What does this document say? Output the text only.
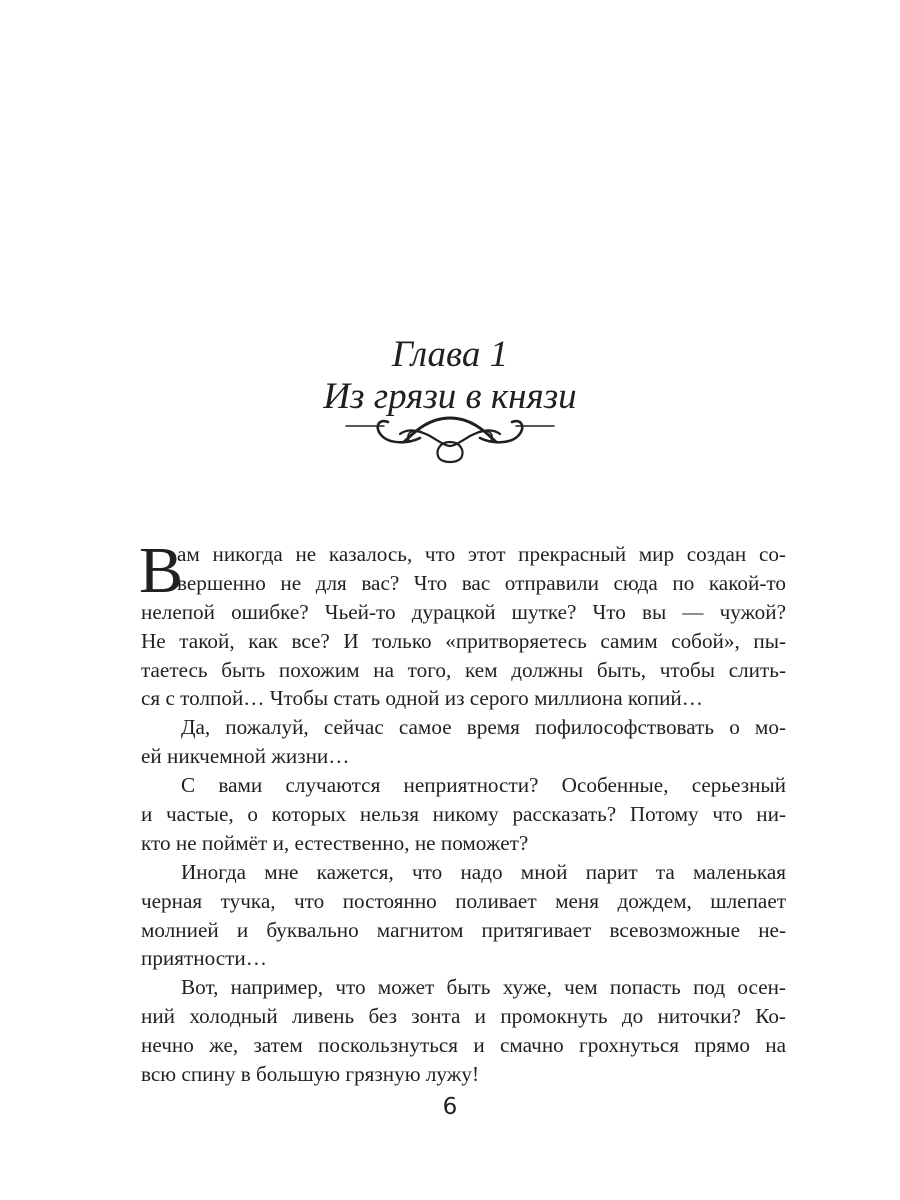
Глава 1
Из грязи в князи
В
ам никогда не казалось, что этот прекрасный мир создан со-
вершенно не для вас? Что вас отправили сюда по какой-то
нелепой ошибке? Чьей-то дурацкой шутке? Что вы — чужой?
Не такой, как все? И только «притворяетесь самим собой», пы-
таетесь быть похожим на того, кем должны быть, чтобы слить-
ся с толпой… Чтобы стать одной из серого миллиона копий…
Да, пожалуй, сейчас самое время пофилософствовать о мо-
ей никчемной жизни…
С вами случаются неприятности? Особенные, серьезный
и частые, о которых нельзя никому рассказать? Потому что ни-
кто не поймёт и, естественно, не поможет?
Иногда мне кажется, что надо мной парит та маленькая
черная тучка, что постоянно поливает меня дождем, шлепает
молнией и буквально магнитом притягивает всевозможные не-
приятности…
Вот, например, что может быть хуже, чем попасть под осен-
ний холодный ливень без зонта и промокнуть до ниточки? Ко-
нечно же, затем поскользнуться и смачно грохнуться прямо на
всю спину в большую грязную лужу!
6
